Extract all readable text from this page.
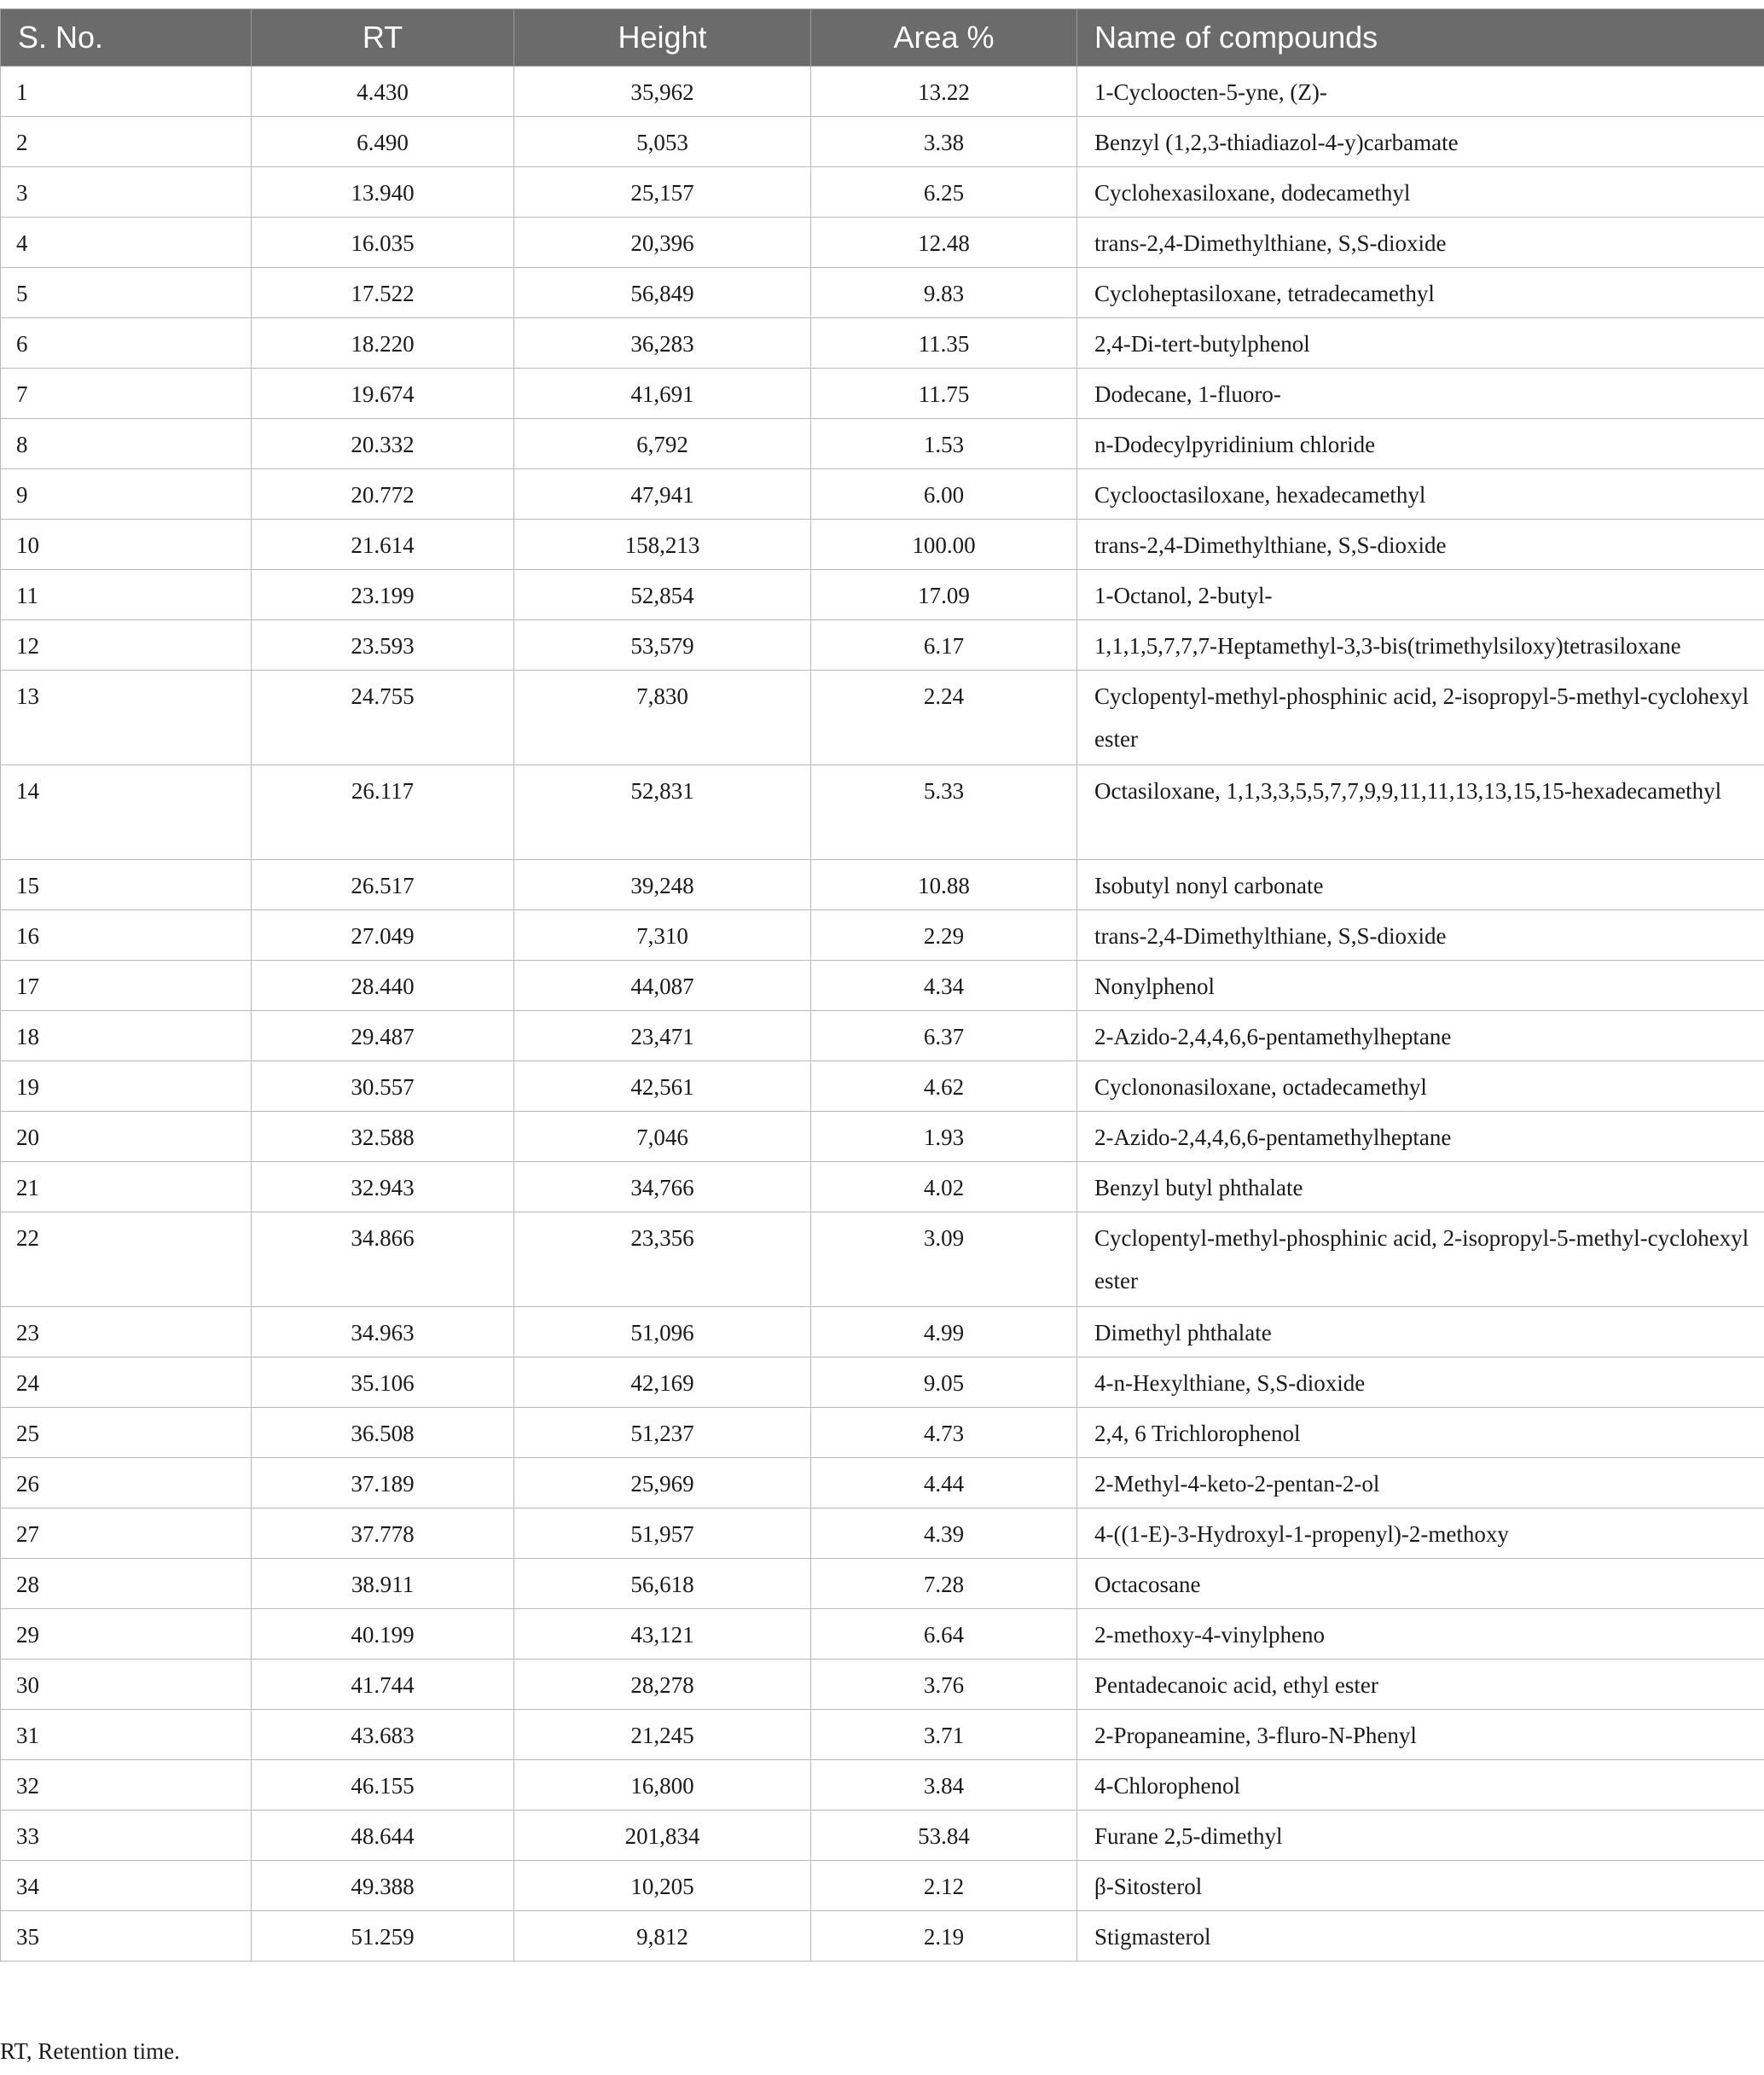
S. No.	RT	Height	Area %	Name of compounds
1	4.430	35,962	13.22	1-Cycloocten-5-yne, (Z)-
2	6.490	5,053	3.38	Benzyl (1,2,3-thiadiazol-4-y)carbamate
3	13.940	25,157	6.25	Cyclohexasiloxane, dodecamethyl
4	16.035	20,396	12.48	trans-2,4-Dimethylthiane, S,S-dioxide
5	17.522	56,849	9.83	Cycloheptasiloxane, tetradecamethyl
6	18.220	36,283	11.35	2,4-Di-tert-butylphenol
7	19.674	41,691	11.75	Dodecane, 1-fluoro-
8	20.332	6,792	1.53	n-Dodecylpyridinium chloride
9	20.772	47,941	6.00	Cyclooctasiloxane, hexadecamethyl
10	21.614	158,213	100.00	trans-2,4-Dimethylthiane, S,S-dioxide
11	23.199	52,854	17.09	1-Octanol, 2-butyl-
12	23.593	53,579	6.17	1,1,1,5,7,7,7-Heptamethyl-3,3-bis(trimethylsiloxy)tetrasiloxane
13	24.755	7,830	2.24	Cyclopentyl-methyl-phosphinic acid, 2-isopropyl-5-methyl-cyclohexyl ester
14	26.117	52,831	5.33	Octasiloxane, 1,1,3,3,5,5,7,7,9,9,11,11,13,13,15,15-hexadecamethyl
15	26.517	39,248	10.88	Isobutyl nonyl carbonate
16	27.049	7,310	2.29	trans-2,4-Dimethylthiane, S,S-dioxide
17	28.440	44,087	4.34	Nonylphenol
18	29.487	23,471	6.37	2-Azido-2,4,4,6,6-pentamethylheptane
19	30.557	42,561	4.62	Cyclononasiloxane, octadecamethyl
20	32.588	7,046	1.93	2-Azido-2,4,4,6,6-pentamethylheptane
21	32.943	34,766	4.02	Benzyl butyl phthalate
22	34.866	23,356	3.09	Cyclopentyl-methyl-phosphinic acid, 2-isopropyl-5-methyl-cyclohexyl ester
23	34.963	51,096	4.99	Dimethyl phthalate
24	35.106	42,169	9.05	4-n-Hexylthiane, S,S-dioxide
25	36.508	51,237	4.73	2,4, 6 Trichlorophenol
26	37.189	25,969	4.44	2-Methyl-4-keto-2-pentan-2-ol
27	37.778	51,957	4.39	4-((1-E)-3-Hydroxyl-1-propenyl)-2-methoxy
28	38.911	56,618	7.28	Octacosane
29	40.199	43,121	6.64	2-methoxy-4-vinylpheno
30	41.744	28,278	3.76	Pentadecanoic acid, ethyl ester
31	43.683	21,245	3.71	2-Propaneamine, 3-fluro-N-Phenyl
32	46.155	16,800	3.84	4-Chlorophenol
33	48.644	201,834	53.84	Furane 2,5-dimethyl
34	49.388	10,205	2.12	β-Sitosterol
35	51.259	9,812	2.19	Stigmasterol
RT, Retention time.
